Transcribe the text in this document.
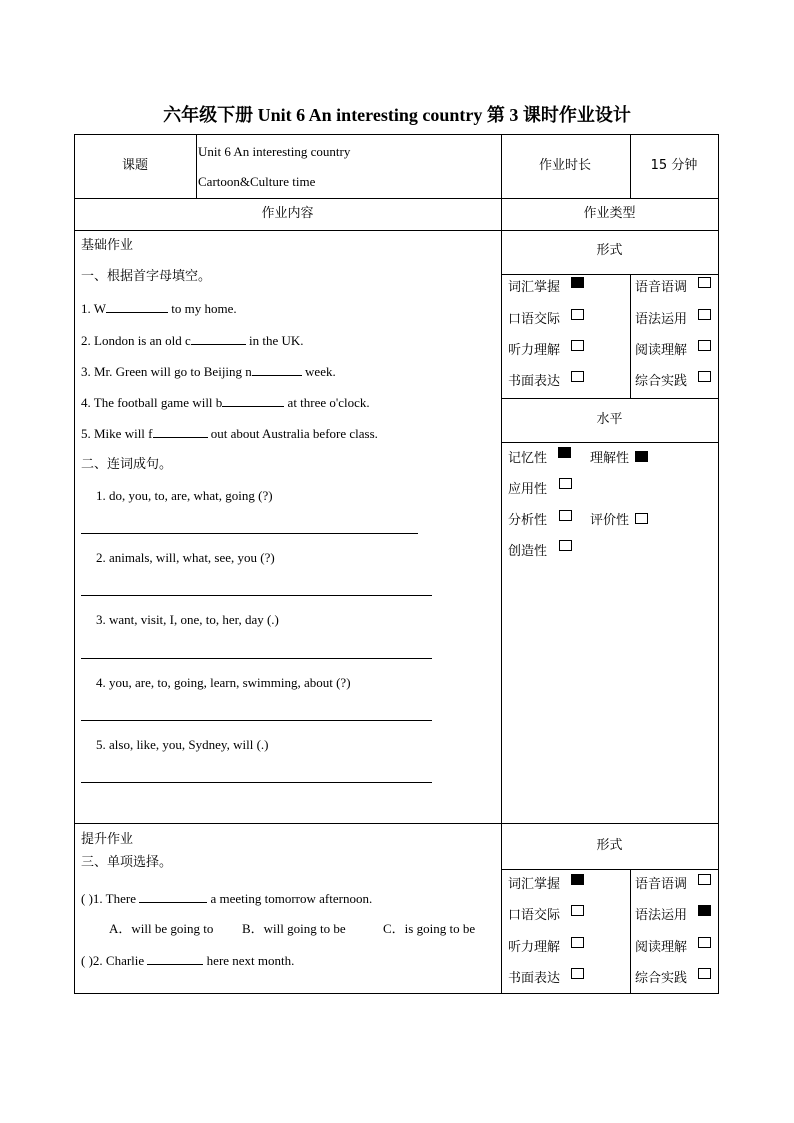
六年级下册 Unit 6 An interesting country 第 3 课时作业设计
课题
Unit 6 An interesting country
Cartoon&Culture time
作业时长	15 分钟
作业内容	作业类型
基础作业
一、根据首字母填空。
1. W	to my home.
2. London is an old c	in the UK.
3. Mr. Green will go to Beijing n	week.
4. The football game will b	at three o'clock.
5. Mike will f	out about Australia before class.
二、连词成句。
1. do, you, to, are, what, going (?)
2. animals, will, what, see, you (?)
3. want, visit, I, one, to, her, day (.)
4. you, are, to, going, learn, swimming, about (?)
5. also, like, you, Sydney, will (.)
形式
词汇掌握	语音语调
口语交际	语法运用
听力理解	阅读理解
书面表达	综合实践
水平
记忆性	理解性
应用性
分析性	评价性
创造性
提升作业
三、单项选择。
( )1. There	a meeting tomorrow afternoon.
A．will be going to B．will going to be	C．is going to be
( )2. Charlie	here next month.
形式
词汇掌握	语音语调
口语交际	语法运用
听力理解	阅读理解
书面表达	综合实践
